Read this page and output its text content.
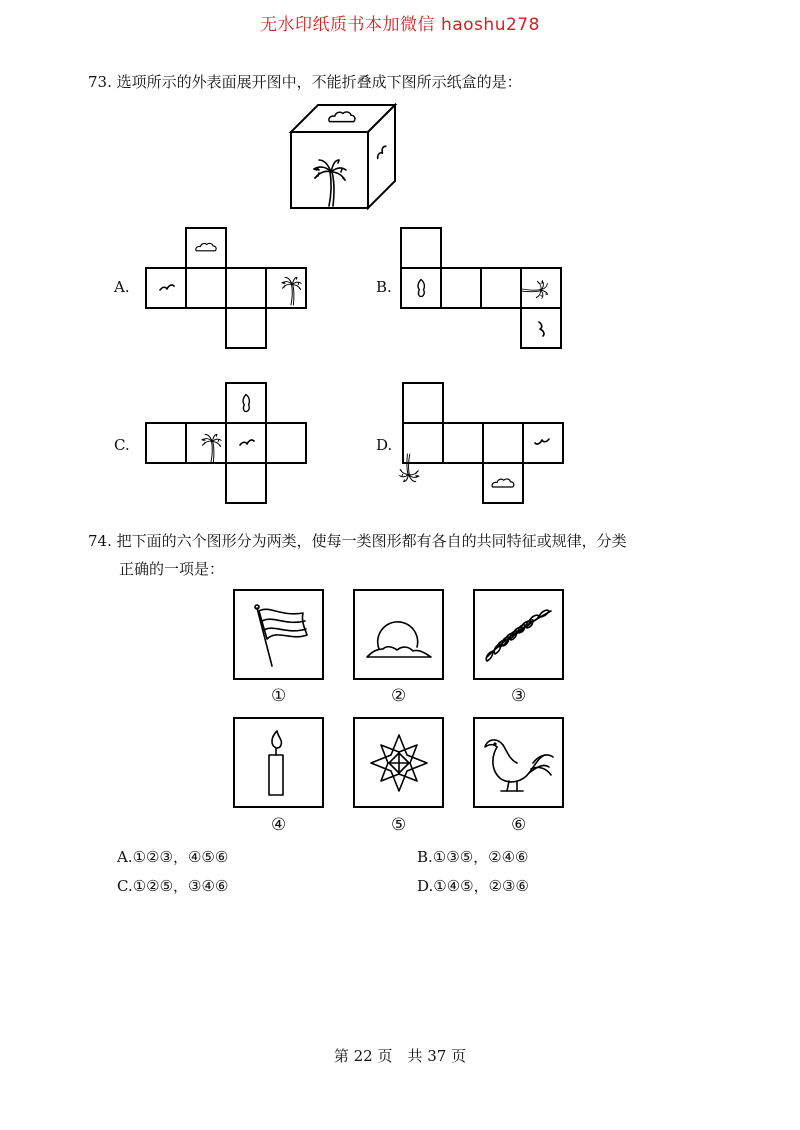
无水印纸质书本加微信 haoshu278
73. 选项所示的外表面展开图中，不能折叠成下图所示纸盒的是：
A.	B.
C.	D.
74. 把下面的六个图形分为两类，使每一类图形都有各自的共同特征或规律，分类
正确的一项是：
①	②	③
④	⑤	⑥
A.①②③，④⑤⑥	B.①③⑤，②④⑥
C.①②⑤，③④⑥	D.①④⑤，②③⑥
第 22 页　共 37 页
